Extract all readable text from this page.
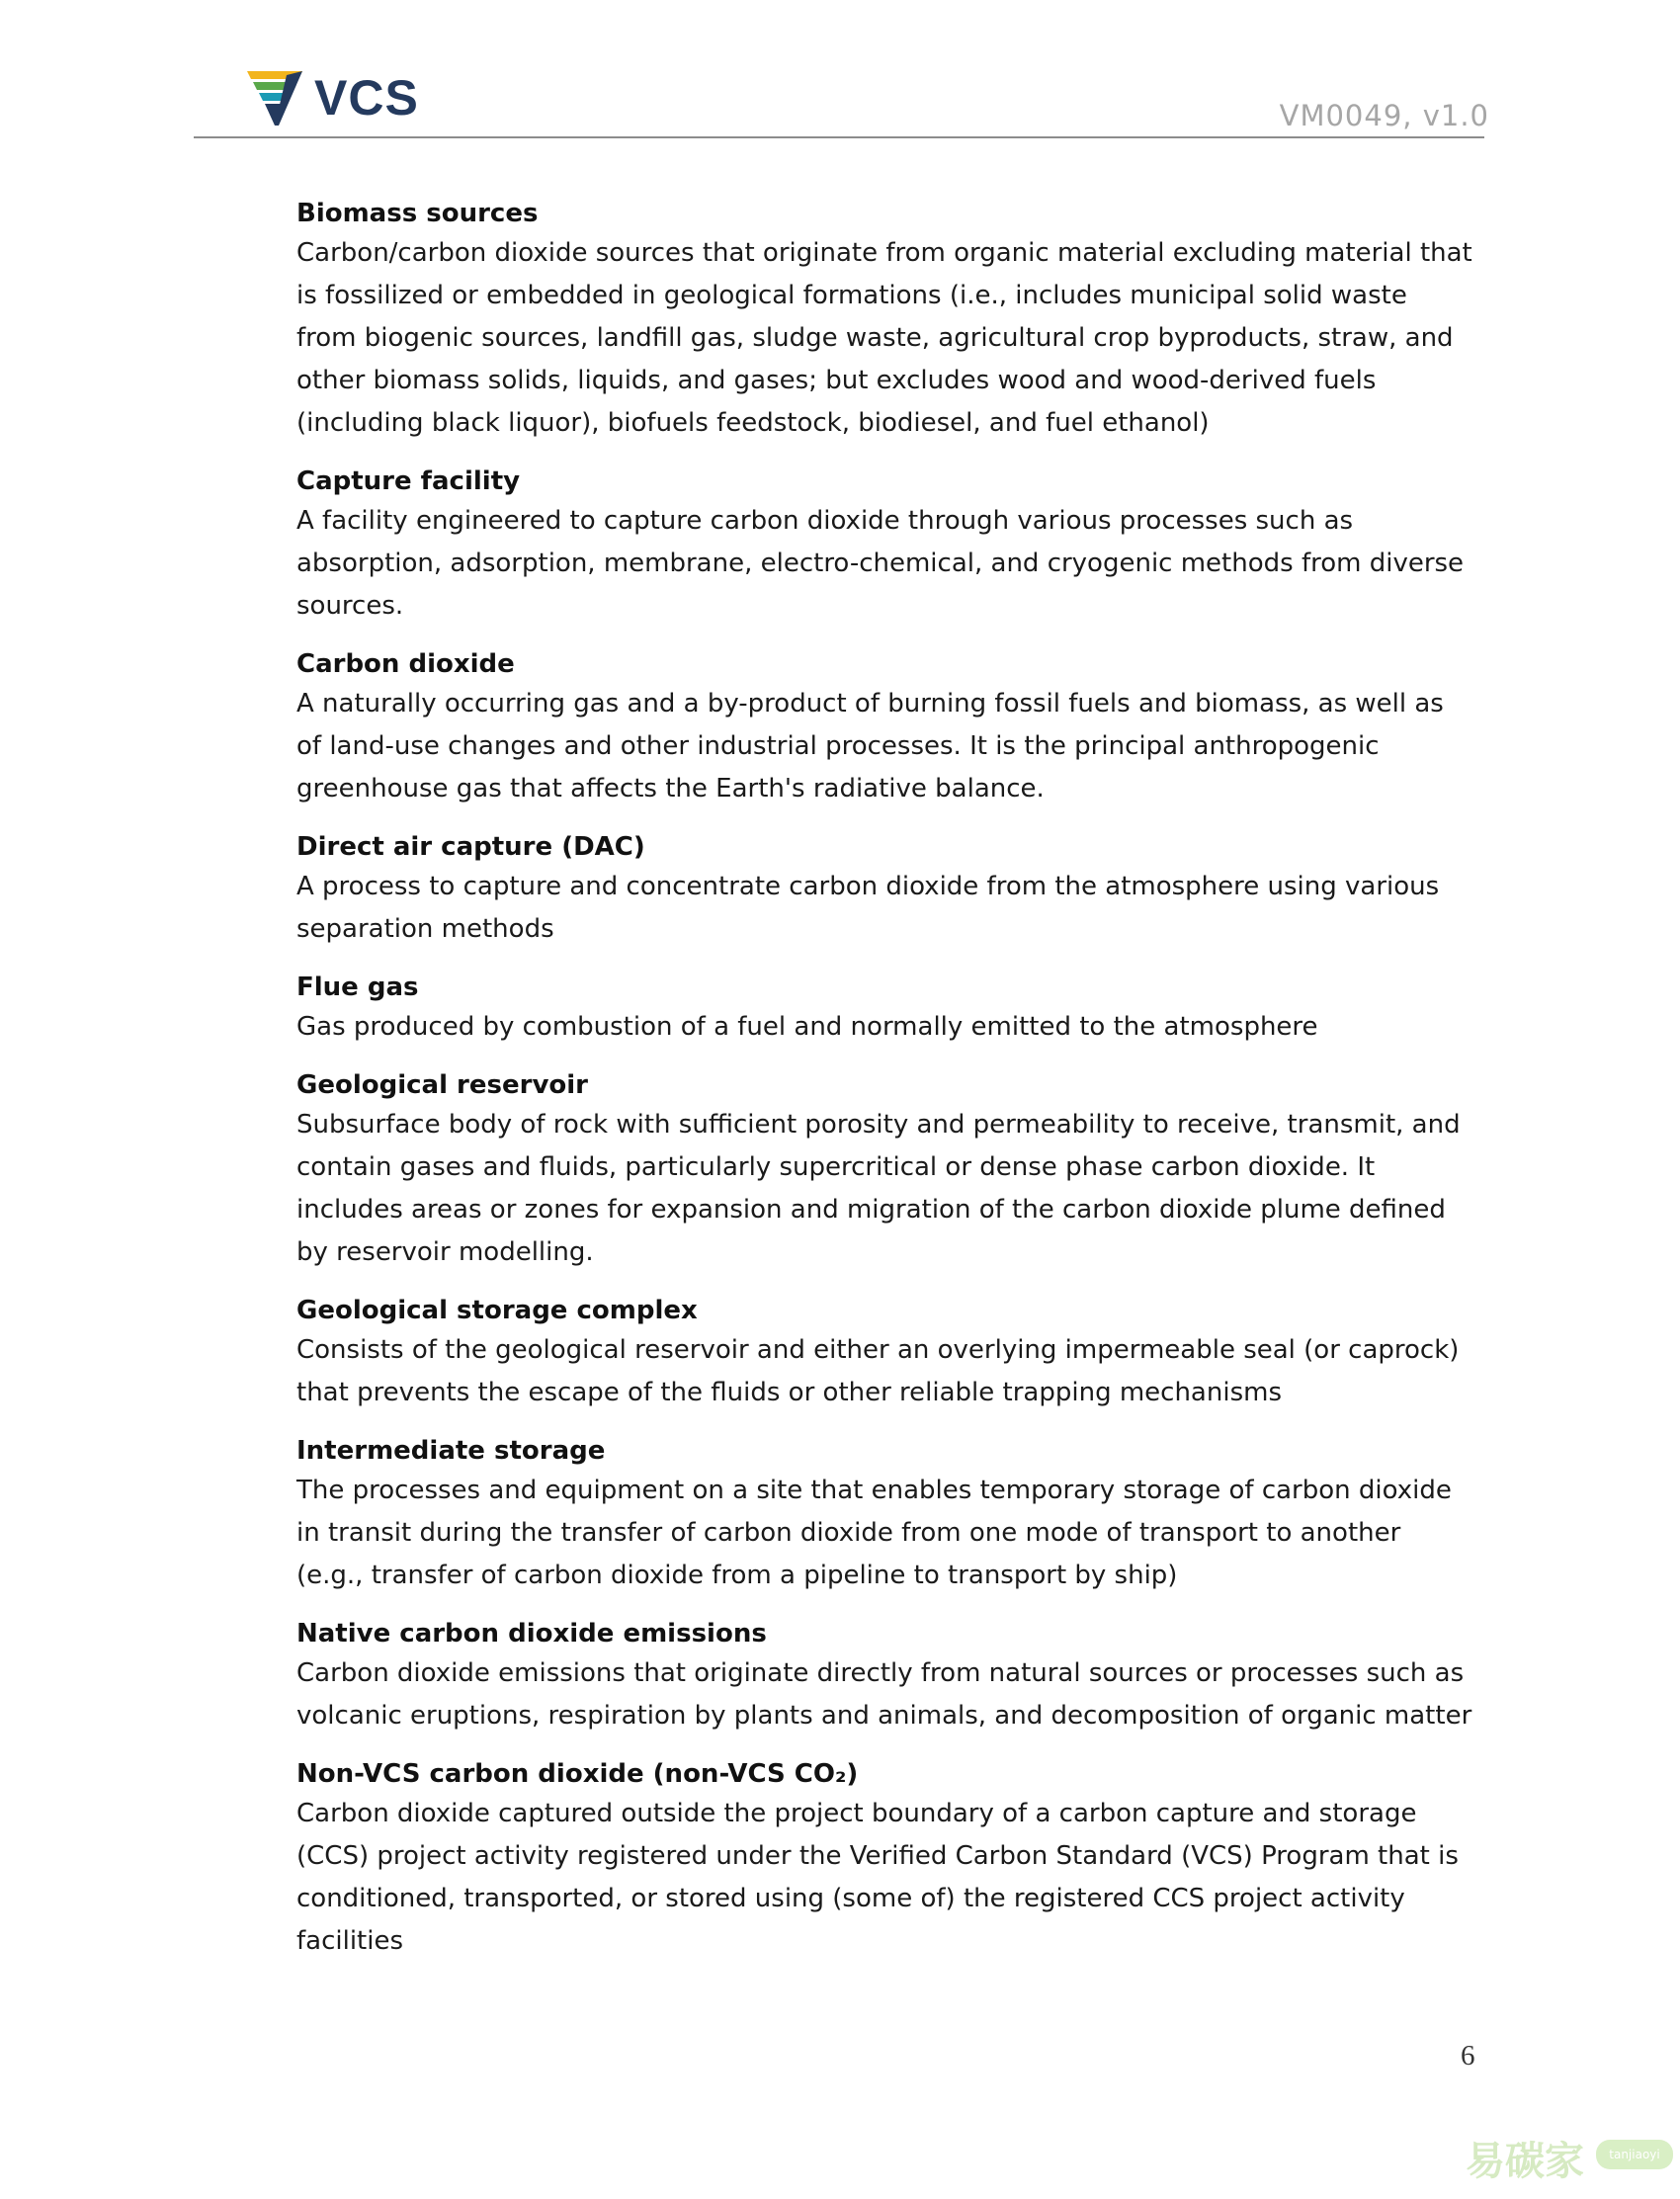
VCS	VM0049, v1.0
Biomass sources
Carbon/carbon dioxide sources that originate from organic material excluding material that is fossilized or embedded in geological formations (i.e., includes municipal solid waste from biogenic sources, landfill gas, sludge waste, agricultural crop byproducts, straw, and other biomass solids, liquids, and gases; but excludes wood and wood-derived fuels (including black liquor), biofuels feedstock, biodiesel, and fuel ethanol)
Capture facility
A facility engineered to capture carbon dioxide through various processes such as absorption, adsorption, membrane, electro-chemical, and cryogenic methods from diverse sources.
Carbon dioxide
A naturally occurring gas and a by-product of burning fossil fuels and biomass, as well as of land-use changes and other industrial processes. It is the principal anthropogenic greenhouse gas that affects the Earth's radiative balance.
Direct air capture (DAC)
A process to capture and concentrate carbon dioxide from the atmosphere using various separation methods
Flue gas
Gas produced by combustion of a fuel and normally emitted to the atmosphere
Geological reservoir
Subsurface body of rock with sufficient porosity and permeability to receive, transmit, and contain gases and fluids, particularly supercritical or dense phase carbon dioxide. It includes areas or zones for expansion and migration of the carbon dioxide plume defined by reservoir modelling.
Geological storage complex
Consists of the geological reservoir and either an overlying impermeable seal (or caprock) that prevents the escape of the fluids or other reliable trapping mechanisms
Intermediate storage
The processes and equipment on a site that enables temporary storage of carbon dioxide in transit during the transfer of carbon dioxide from one mode of transport to another (e.g., transfer of carbon dioxide from a pipeline to transport by ship)
Native carbon dioxide emissions
Carbon dioxide emissions that originate directly from natural sources or processes such as volcanic eruptions, respiration by plants and animals, and decomposition of organic matter
Non-VCS carbon dioxide (non-VCS CO₂)
Carbon dioxide captured outside the project boundary of a carbon capture and storage (CCS) project activity registered under the Verified Carbon Standard (VCS) Program that is conditioned, transported, or stored using (some of) the registered CCS project activity facilities
6
易碳家	tanjiaoyi .com
